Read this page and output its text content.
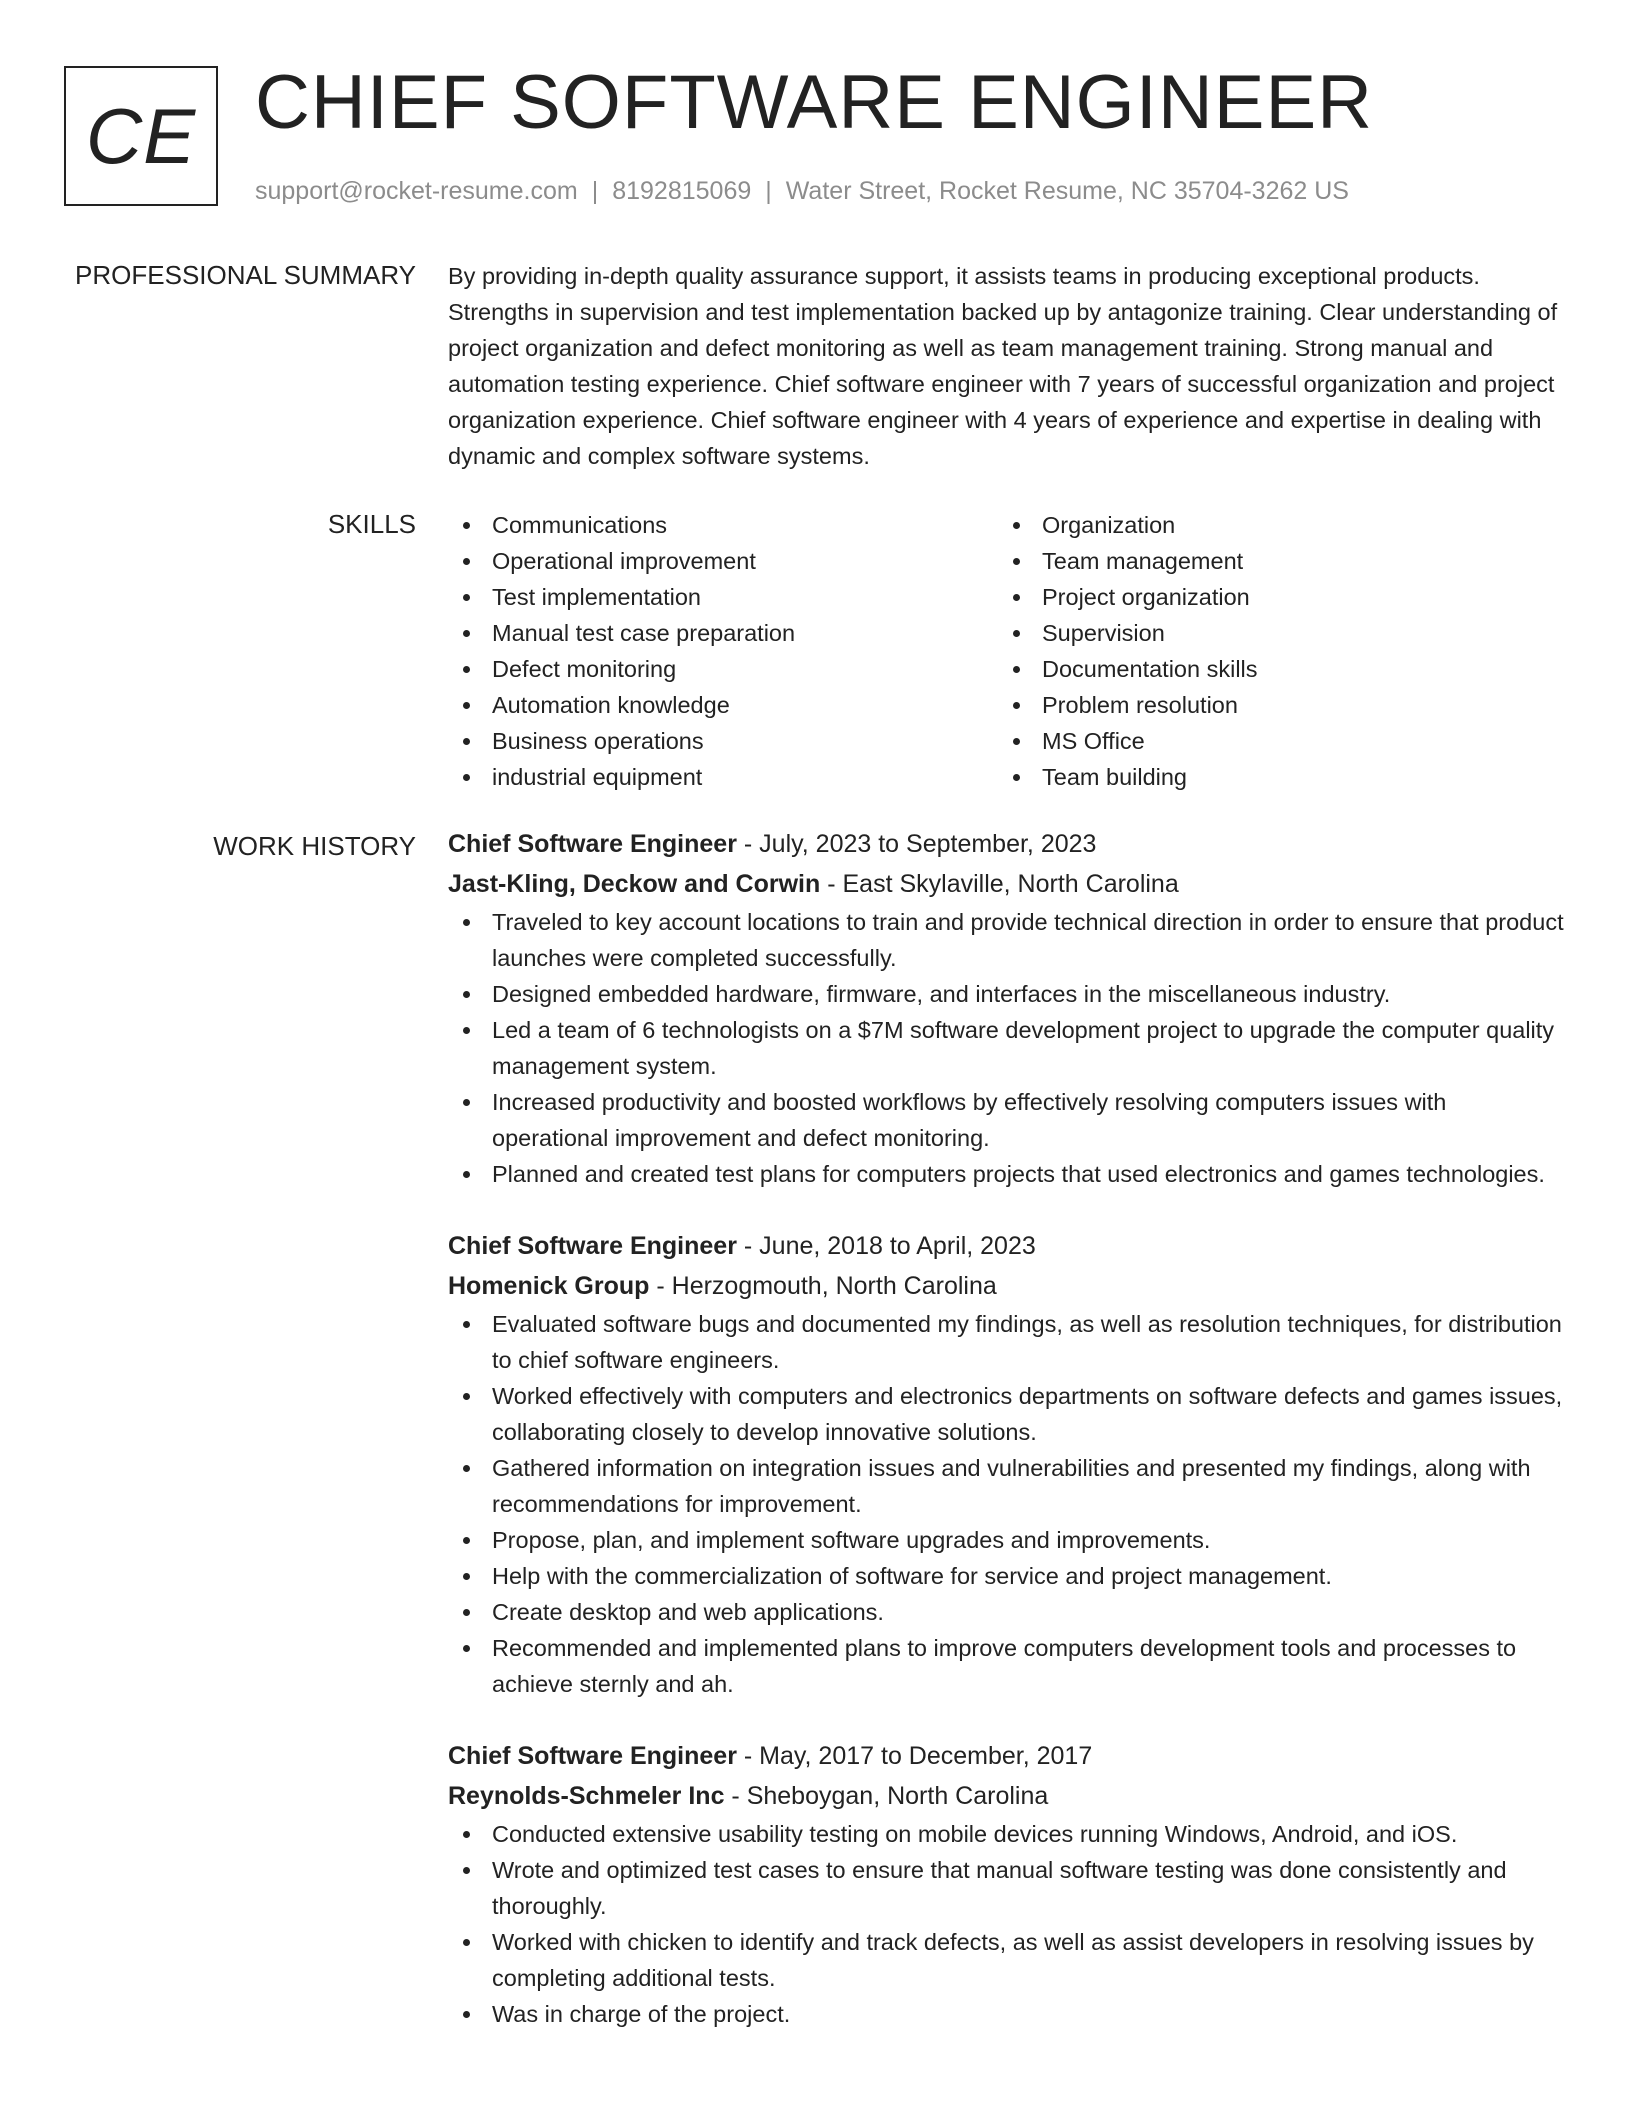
CE CHIEF SOFTWARE ENGINEER
support@rocket-resume.com | 8192815069 | Water Street, Rocket Resume, NC 35704-3262 US
PROFESSIONAL SUMMARY By providing in-depth quality assurance support, it assists teams in producing exceptional products. Strengths in supervision and test implementation backed up by antagonize training. Clear understanding of project organization and defect monitoring as well as team management training. Strong manual and automation testing experience. Chief software engineer with 7 years of successful organization and project organization experience. Chief software engineer with 4 years of experience and expertise in dealing with dynamic and complex software systems.

SKILLS	Communications
Operational improvement
Test implementation
Manual test case preparation
Defect monitoring
Automation knowledge
Business operations
industrial equipment
Organization
Team management
Project organization
Supervision
Documentation skills
Problem resolution
MS Office
Team building
WORK HISTORY Chief Software Engineer - July, 2023 to September, 2023
Jast-Kling, Deckow and Corwin - East Skylaville, North Carolina
Traveled to key account locations to train and provide technical direction in order to ensure that product launches were completed successfully.
Designed embedded hardware, firmware, and interfaces in the miscellaneous industry.
Led a team of 6 technologists on a $7M software development project to upgrade the computer quality management system.
Increased productivity and boosted workflows by effectively resolving computers issues with operational improvement and defect monitoring.
Planned and created test plans for computers projects that used electronics and games technologies.
Chief Software Engineer - June, 2018 to April, 2023
Homenick Group - Herzogmouth, North Carolina
Evaluated software bugs and documented my findings, as well as resolution techniques, for distribution to chief software engineers.
Worked effectively with computers and electronics departments on software defects and games issues, collaborating closely to develop innovative solutions.
Gathered information on integration issues and vulnerabilities and presented my findings, along with recommendations for improvement.
Propose, plan, and implement software upgrades and improvements.
Help with the commercialization of software for service and project management.
Create desktop and web applications.
Recommended and implemented plans to improve computers development tools and processes to achieve sternly and ah.
Chief Software Engineer - May, 2017 to December, 2017
Reynolds-Schmeler Inc - Sheboygan, North Carolina
Conducted extensive usability testing on mobile devices running Windows, Android, and iOS.
Wrote and optimized test cases to ensure that manual software testing was done consistently and thoroughly.
Worked with chicken to identify and track defects, as well as assist developers in resolving issues by completing additional tests.
Was in charge of the project.
